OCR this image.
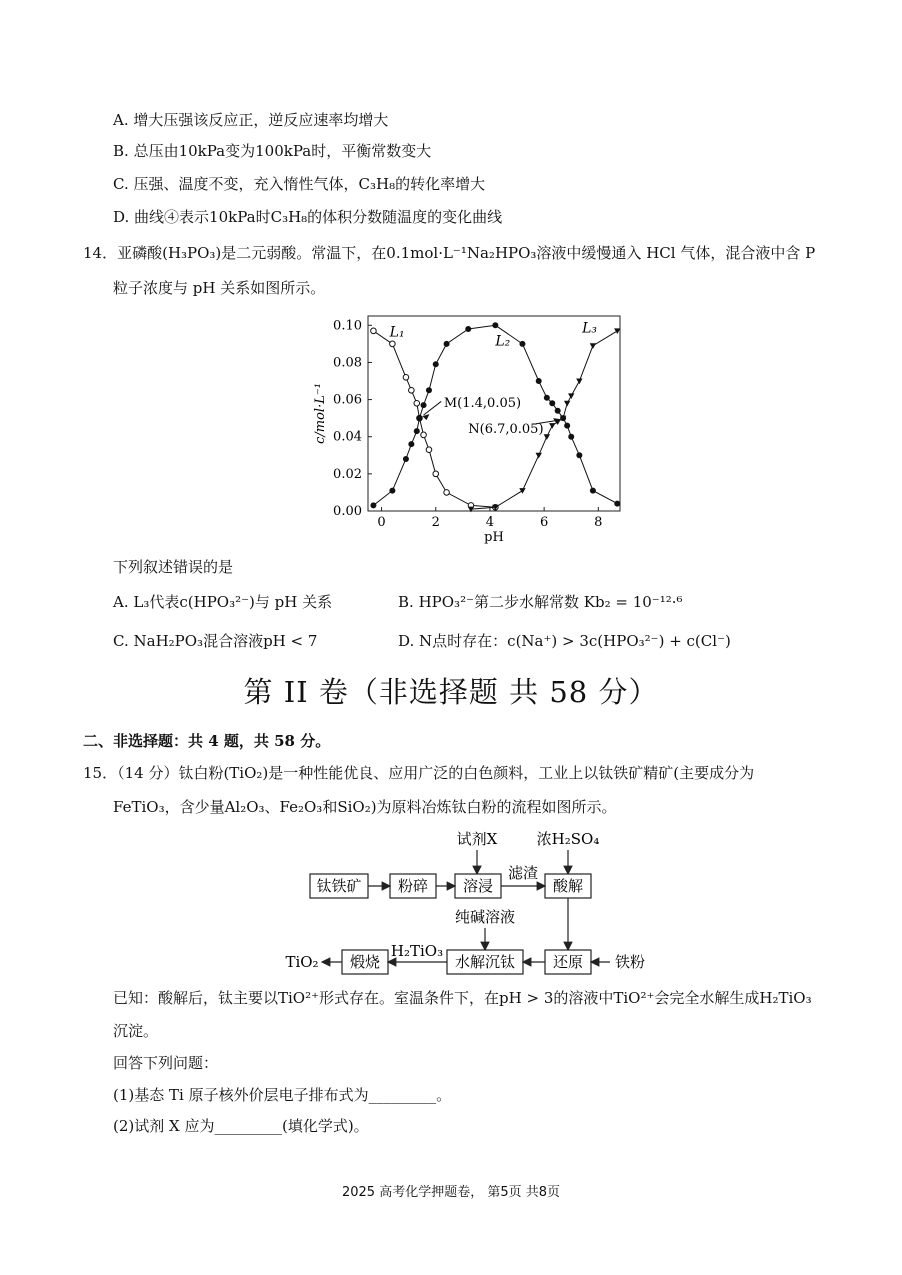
A. 增大压强该反应正，逆反应速率均增大
B. 总压由10kPa变为100kPa时，平衡常数变大
C. 压强、温度不变，充入惰性气体，C₃H₈的转化率增大
D. 曲线④表示10kPa时C₃H₈的体积分数随温度的变化曲线
14．亚磷酸(H₃PO₃)是二元弱酸。常温下，在0.1mol·L⁻¹Na₂HPO₃溶液中缓慢通入 HCl 气体，混合液中含 P
粒子浓度与 pH 关系如图所示。
0	2	4	6	8
0.00
0.02
0.04
0.06
0.08
0.10
pH
c/mol·L⁻¹
L₁
L₂
L₃
M(1.4,0.05)
N(6.7,0.05)
下列叙述错误的是
A. L₃代表c(HPO₃²⁻)与 pH 关系	B. HPO₃²⁻第二步水解常数 Kb₂ = 10⁻¹²·⁶
C. NaH₂PO₃混合溶液pH < 7	D. N点时存在：c(Na⁺) > 3c(HPO₃²⁻) + c(Cl⁻)
第 II 卷（非选择题 共 58 分）
二、非选择题：共 4 题，共 58 分。
15．（14 分）钛白粉(TiO₂)是一种性能优良、应用广泛的白色颜料，工业上以钛铁矿精矿(主要成分为
FeTiO₃，含少量Al₂O₃、Fe₂O₃和SiO₂)为原料冶炼钛白粉的流程如图所示。
试剂X	浓H₂SO₄
钛铁矿 粉碎 溶浸	酸解
滤渣
纯碱溶液
还原
水解沉钛
煅烧	铁粉
H₂TiO₃
TiO₂
已知：酸解后，钛主要以TiO²⁺形式存在。室温条件下，在pH > 3的溶液中TiO²⁺会完全水解生成H₂TiO₃
沉淀。
回答下列问题：
(1)基态 Ti 原子核外价层电子排布式为_________。
(2)试剂 X 应为_________(填化学式)。
2025 高考化学押题卷， 第5页 共8页
